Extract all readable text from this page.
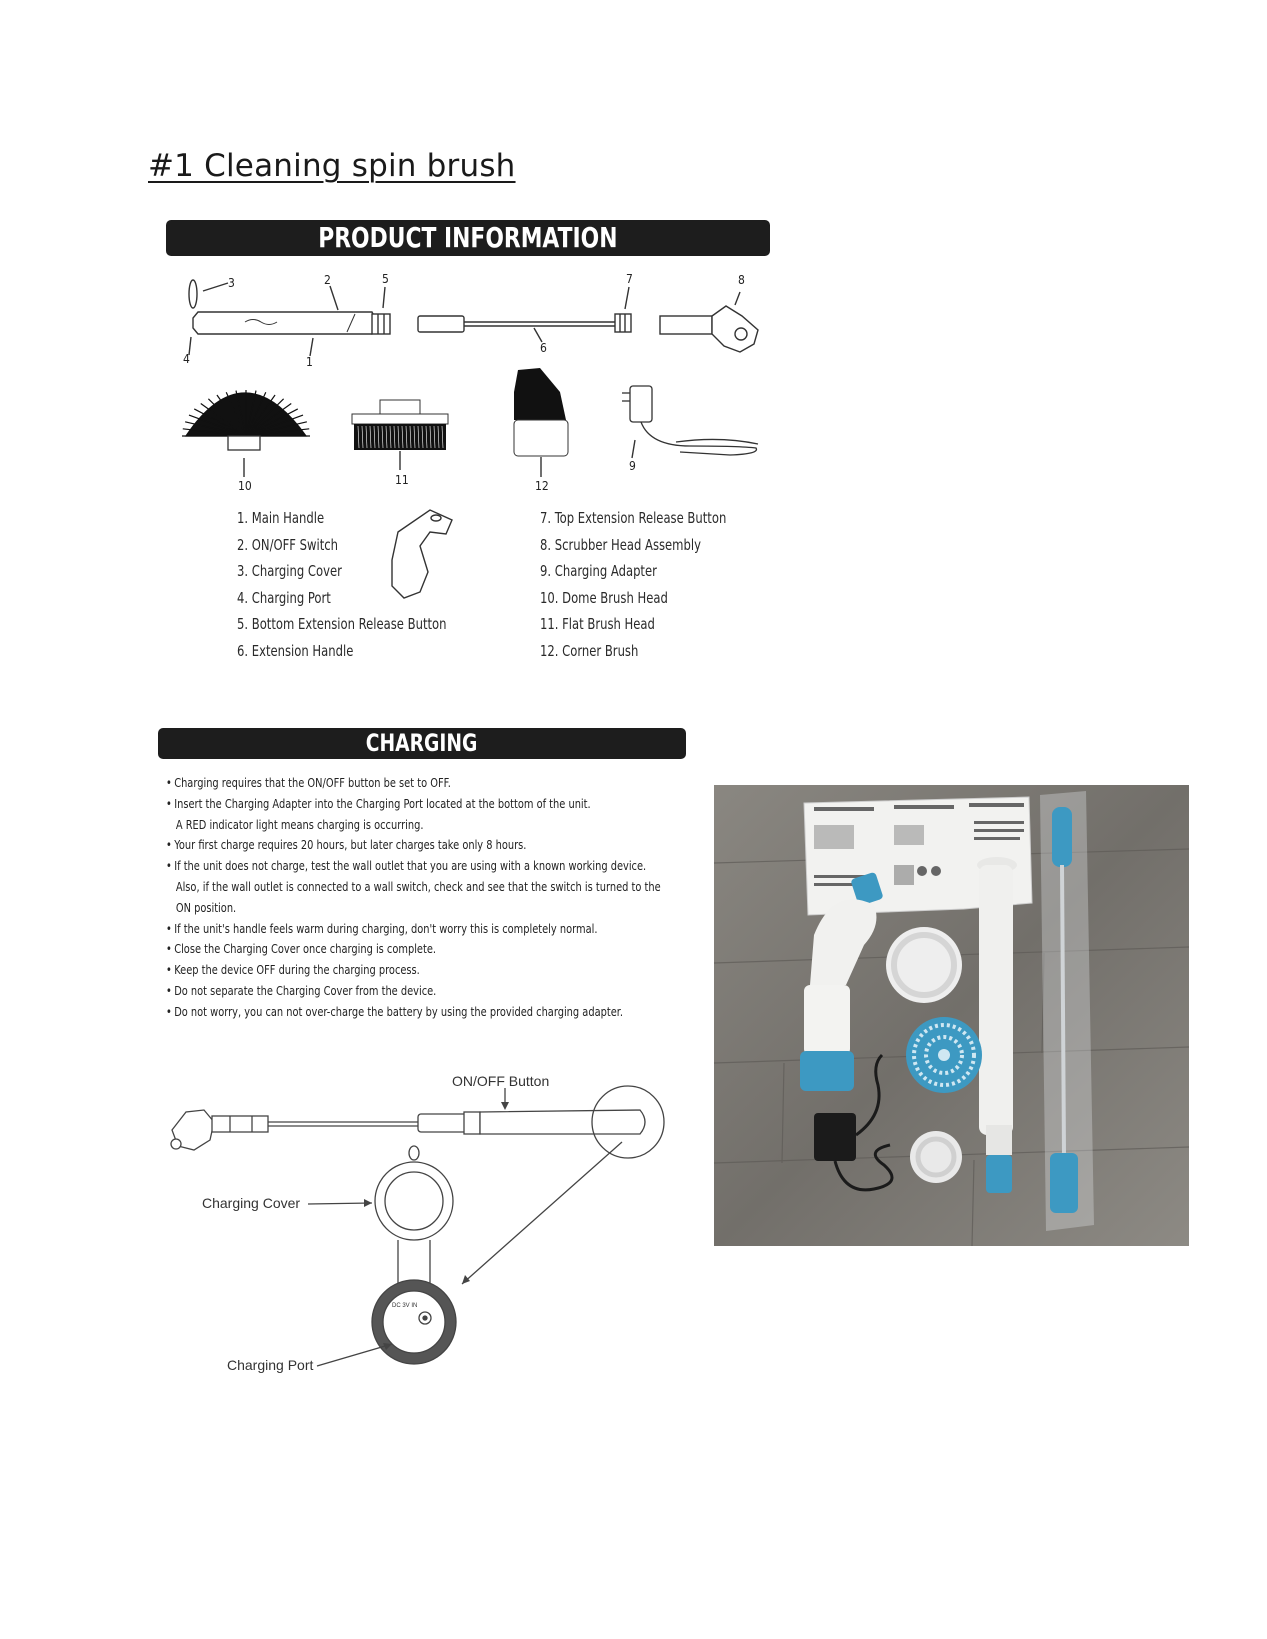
#1 Cleaning spin brush
PRODUCT INFORMATION
3	2	5
4	1
6
7	8
9
10	11	12
1. Main Handle
2. ON/OFF Switch
3. Charging Cover
4. Charging Port
5. Bottom Extension Release Button
6. Extension Handle
7. Top Extension Release Button
8. Scrubber Head Assembly
9. Charging Adapter
10. Dome Brush Head
11. Flat Brush Head
12. Corner Brush
CHARGING
• Charging requires that the ON/OFF button be set to OFF.
• Insert the Charging Adapter into the Charging Port located at the bottom of the unit.
A RED indicator light means charging is occurring.
• Your first charge requires 20 hours, but later charges take only 8 hours.
• If the unit does not charge, test the wall outlet that you are using with a known working device.
Also, if the wall outlet is connected to a wall switch, check and see that the switch is turned to the
ON position.
• If the unit's handle feels warm during charging, don't worry this is completely normal.
• Close the Charging Cover once charging is complete.
• Keep the device OFF during the charging process.
• Do not separate the Charging Cover from the device.
• Do not worry, you can not over-charge the battery by using the provided charging adapter.
DC 3V IN
ON/OFF Button
Charging Cover
Charging Port
